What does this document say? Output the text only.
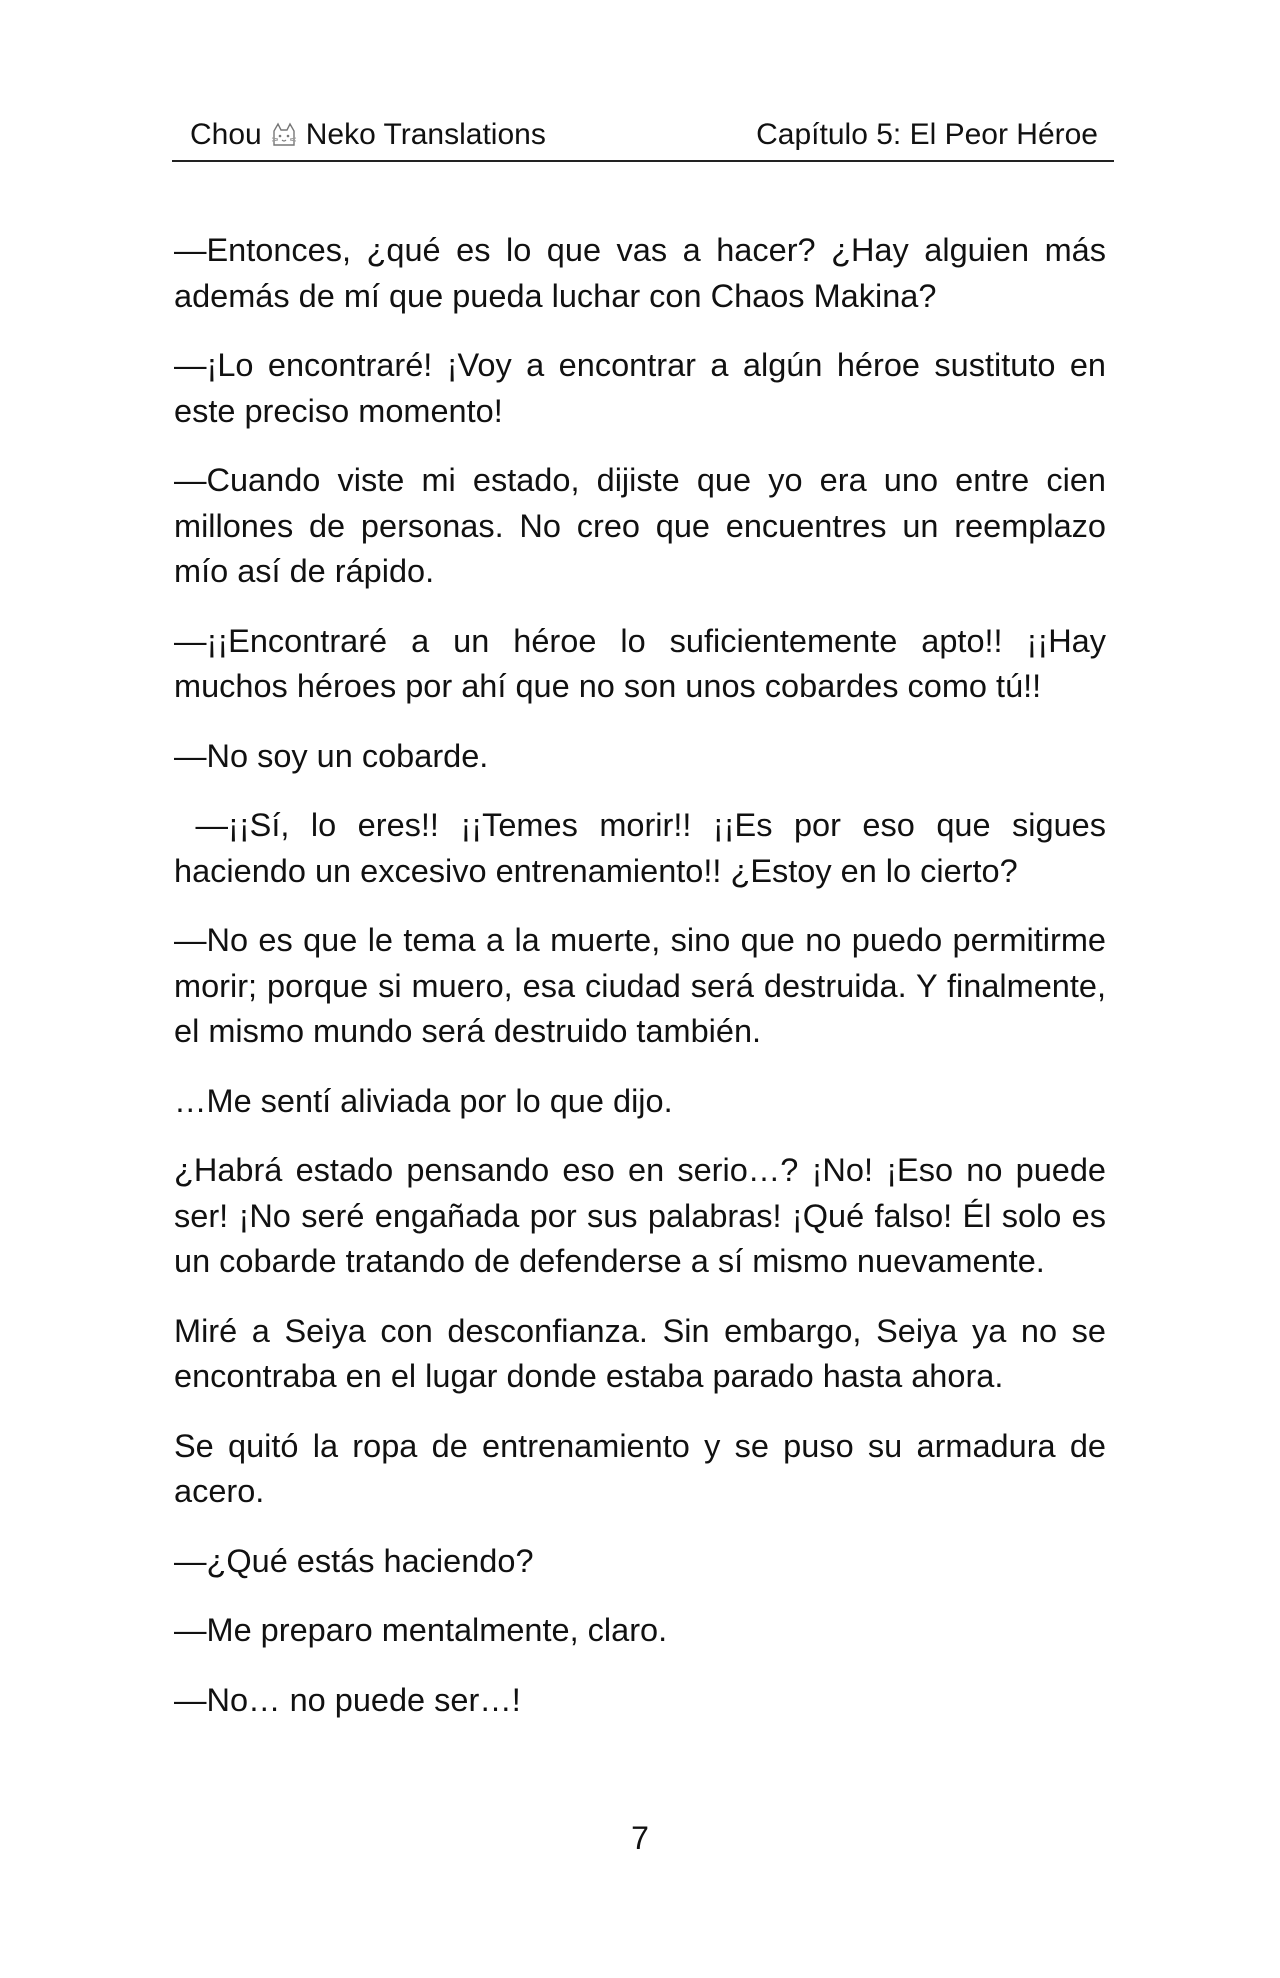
Chou Neko Translations	Capítulo 5: El Peor Héroe

—Entonces, ¿qué es lo que vas a hacer? ¿Hay alguien más además de mí que pueda luchar con Chaos Makina?

—¡Lo encontraré! ¡Voy a encontrar a algún héroe sustituto en este preciso momento!

—Cuando viste mi estado, dijiste que yo era uno entre cien millones de personas. No creo que encuentres un reemplazo mío así de rápido.

—¡¡Encontraré a un héroe lo suficientemente apto!! ¡¡Hay muchos héroes por ahí que no son unos cobardes como tú!!

—No soy un cobarde.

—¡¡Sí, lo eres!! ¡¡Temes morir!! ¡¡Es por eso que sigues haciendo un excesivo entrenamiento!! ¿Estoy en lo cierto?

—No es que le tema a la muerte, sino que no puedo permitirme morir; porque si muero, esa ciudad será destruida. Y finalmente, el mismo mundo será destruido también.

…Me sentí aliviada por lo que dijo.

¿Habrá estado pensando eso en serio…? ¡No! ¡Eso no puede ser! ¡No seré engañada por sus palabras! ¡Qué falso! Él solo es un cobarde tratando de defenderse a sí mismo nuevamente.

Miré a Seiya con desconfianza. Sin embargo, Seiya ya no se encontraba en el lugar donde estaba parado hasta ahora.

Se quitó la ropa de entrenamiento y se puso su armadura de acero.

—¿Qué estás haciendo?

—Me preparo mentalmente, claro.

—No… no puede ser…!

7
